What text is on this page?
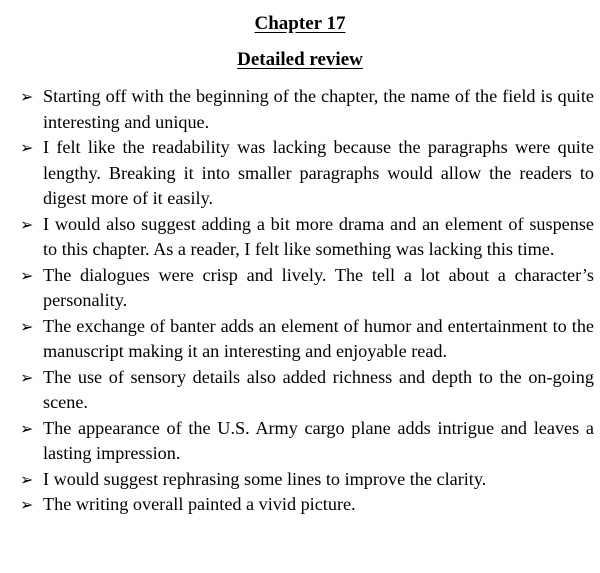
Chapter 17
Detailed review
➢ Starting off with the beginning of the chapter, the name of the field is quite interesting and unique.
➢ I felt like the readability was lacking because the paragraphs were quite lengthy. Breaking it into smaller paragraphs would allow the readers to digest more of it easily.
➢ I would also suggest adding a bit more drama and an element of suspense to this chapter. As a reader, I felt like something was lacking this time.
➢ The dialogues were crisp and lively. The tell a lot about a character’s personality.
➢ The exchange of banter adds an element of humor and entertainment to the manuscript making it an interesting and enjoyable read.
➢ The use of sensory details also added richness and depth to the on-going scene.
➢ The appearance of the U.S. Army cargo plane adds intrigue and leaves a lasting impression.
➢ I would suggest rephrasing some lines to improve the clarity.
➢ The writing overall painted a vivid picture.
